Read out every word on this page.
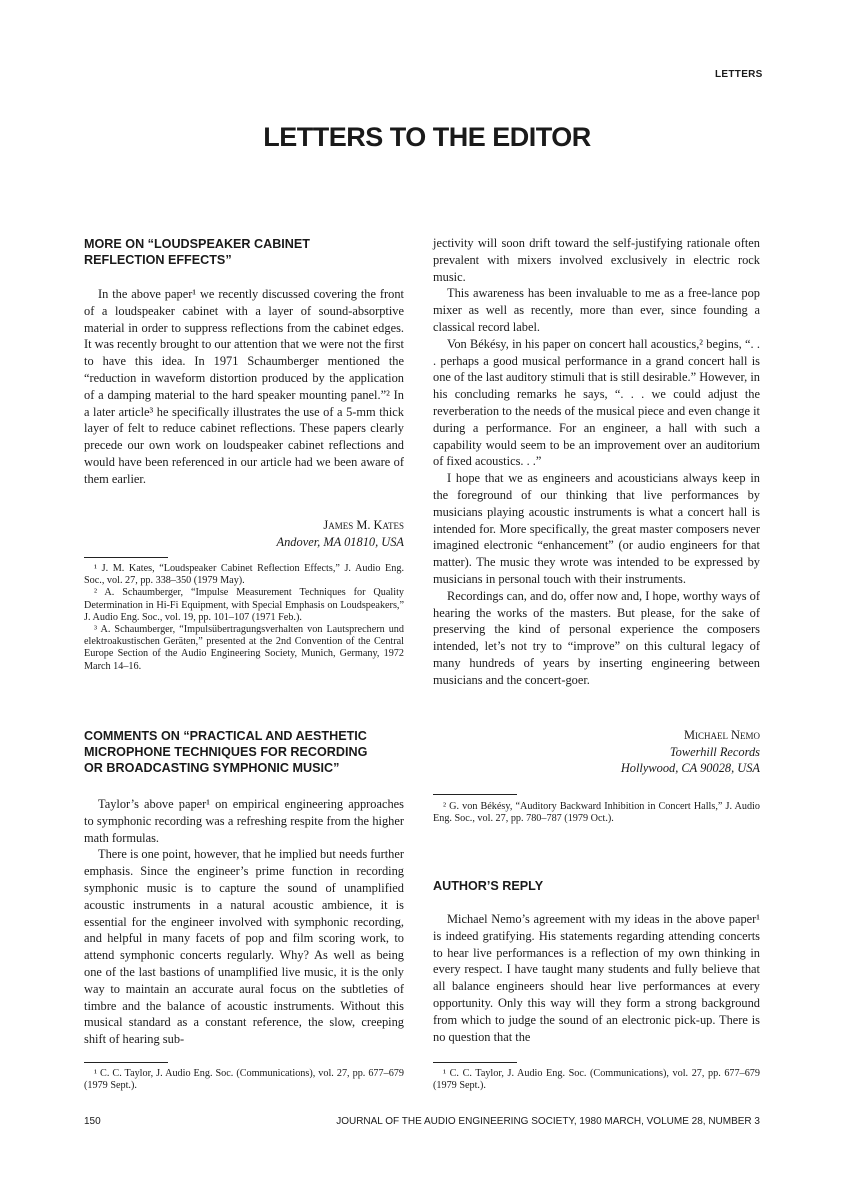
LETTERS
LETTERS TO THE EDITOR
MORE ON “LOUDSPEAKER CABINET
REFLECTION EFFECTS”

In the above paper¹ we recently discussed covering the front of a loudspeaker cabinet with a layer of sound-absorptive material in order to suppress reflections from the cabinet edges. It was recently brought to our attention that we were not the first to have this idea. In 1971 Schaumberger mentioned the “reduction in waveform distortion produced by the application of a damping material to the hard speaker mounting panel.”² In a later article³ he specifically illustrates the use of a 5-mm thick layer of felt to reduce cabinet reflections. These papers clearly precede our own work on loudspeaker cabinet reflections and would have been referenced in our article had we been aware of them earlier.

James M. Kates
Andover, MA 01810, USA

¹ J. M. Kates, “Loudspeaker Cabinet Reflection Effects,” J. Audio Eng. Soc., vol. 27, pp. 338–350 (1979 May).

² A. Schaumberger, “Impulse Measurement Techniques for Quality Determination in Hi-Fi Equipment, with Special Emphasis on Loudspeakers,” J. Audio Eng. Soc., vol. 19, pp. 101–107 (1971 Feb.).

³ A. Schaumberger, “Impulsübertragungsverhalten von Lautsprechern und elektroakustischen Geräten,” presented at the 2nd Convention of the Central Europe Section of the Audio Engineering Society, Munich, Germany, 1972 March 14–16.

COMMENTS ON “PRACTICAL AND AESTHETIC
MICROPHONE TECHNIQUES FOR RECORDING
OR BROADCASTING SYMPHONIC MUSIC”

Taylor’s above paper¹ on empirical engineering approaches to symphonic recording was a refreshing respite from the higher math formulas.

There is one point, however, that he implied but needs further emphasis. Since the engineer’s prime function in recording symphonic music is to capture the sound of unamplified acoustic instruments in a natural acoustic ambience, it is essential for the engineer involved with symphonic recording, and helpful in many facets of pop and film scoring work, to attend symphonic concerts regularly. Why? As well as being one of the last bastions of unamplified live music, it is the only way to maintain an accurate aural focus on the subtleties of timbre and the balance of acoustic instruments. Without this musical standard as a constant reference, the slow, creeping shift of hearing sub-

¹ C. C. Taylor, J. Audio Eng. Soc. (Communications), vol. 27, pp. 677–679 (1979 Sept.).

jectivity will soon drift toward the self-justifying rationale often prevalent with mixers involved exclusively in electric rock music.

This awareness has been invaluable to me as a free-lance pop mixer as well as recently, more than ever, since founding a classical record label.

Von Békésy, in his paper on concert hall acoustics,² begins, “. . . perhaps a good musical performance in a grand concert hall is one of the last auditory stimuli that is still desirable.” However, in his concluding remarks he says, “. . . we could adjust the reverberation to the needs of the musical piece and even change it during a performance. For an engineer, a hall with such a capability would seem to be an improvement over an auditorium of fixed acoustics. . .”

I hope that we as engineers and acousticians always keep in the foreground of our thinking that live performances by musicians playing acoustic instruments is what a concert hall is intended for. More specifically, the great master composers never imagined electronic “enhancement” (or audio engineers for that matter). The music they wrote was intended to be expressed by musicians in personal touch with their instruments.

Recordings can, and do, offer now and, I hope, worthy ways of hearing the works of the masters. But please, for the sake of preserving the kind of personal experience the composers intended, let’s not try to “improve” on this cultural legacy of many hundreds of years by inserting engineering between musicians and the concert-goer.

Michael Nemo
Towerhill Records
Hollywood, CA 90028, USA

² G. von Békésy, “Auditory Backward Inhibition in Concert Halls,” J. Audio Eng. Soc., vol. 27, pp. 780–787 (1979 Oct.).

AUTHOR’S REPLY

Michael Nemo’s agreement with my ideas in the above paper¹ is indeed gratifying. His statements regarding attending concerts to hear live performances is a reflection of my own thinking in every respect. I have taught many students and fully believe that all balance engineers should hear live performances at every opportunity. Only this way will they form a strong background from which to judge the sound of an electronic pick-up. There is no question that the

¹ C. C. Taylor, J. Audio Eng. Soc. (Communications), vol. 27, pp. 677–679 (1979 Sept.).

150	JOURNAL OF THE AUDIO ENGINEERING SOCIETY, 1980 MARCH, VOLUME 28, NUMBER 3
